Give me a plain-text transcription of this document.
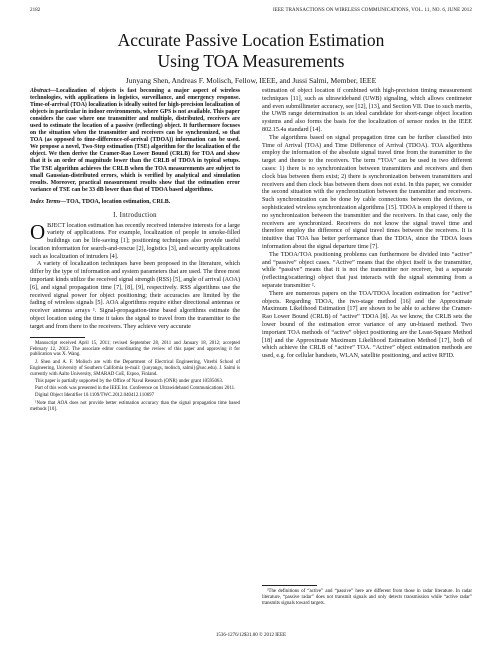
2182	IEEE TRANSACTIONS ON WIRELESS COMMUNICATIONS, VOL. 11, NO. 6, JUNE 2012
Accurate Passive Location Estimation
Using TOA Measurements
Junyang Shen, Andreas F. Molisch, Fellow, IEEE, and Jussi Salmi, Member, IEEE

Abstract—Localization of objects is fast becoming a major aspect of wireless technologies, with applications in logistics, surveillance, and emergency response. Time-of-arrival (TOA) localization is ideally suited for high-precision localization of objects in particular in indoor environments, where GPS is not available. This paper considers the case where one transmitter and multiple, distributed, receivers are used to estimate the location of a passive (reflecting) object. It furthermore focuses on the situation when the transmitter and receivers can be synchronized, so that TOA (as opposed to time-difference-of-arrival (TDOA)) information can be used. We propose a novel, Two-Step estimation (TSE) algorithm for the localization of the object. We then derive the Cramer-Rao Lower Bound (CRLB) for TOA and show that it is an order of magnitude lower than the CRLB of TDOA in typical setups. The TSE algorithm achieves the CRLB when the TOA measurements are subject to small Gaussian-distributed errors, which is verified by analytical and simulation results. Moreover, practical measurement results show that the estimation error variance of TSE can be 33 dB lower than that of TDOA based algorithms.

Index Terms—TOA, TDOA, location estimation, CRLB.

I. Introduction

OBJECT location estimation has recently received intensive interests for a large variety of applications. For example, localization of people in smoke-filled buildings can be life-saving [1]; positioning techniques also provide useful location information for search-and-rescue [2], logistics [3], and security applications such as localization of intruders [4].

A variety of localization techniques have been proposed in the literature, which differ by the type of information and system parameters that are used. The three most important kinds utilize the received signal strength (RSS) [5], angle of arrival (AOA) [6], and signal propagation time [7], [8], [9], respectively. RSS algorithms use the received signal power for object positioning; their accuracies are limited by the fading of wireless signals [5]. AOA algorithms require either directional antennas or receiver antenna arrays ¹. Signal-propagation-time based algorithms estimate the object location using the time it takes the signal to travel from the transmitter to the target and from there to the receivers. They achieve very accurate

Manuscript received April 15, 2011; revised September 28, 2011 and January 18, 2012; accepted February 12, 2012. The associate editor coordinating the review of this paper and approving it for publication was X. Wang.

J. Shen and A. F. Molisch are with the Department of Electrical Engineering, Viterbi School of Engineering, University of Southern California (e-mail: {junyangs, molisch, salmi}@usc.edu). J. Salmi is currently with Aalto University, SMARAD CoE, Espoo, Finland.

This paper is partially supported by the Office of Naval Research (ONR) under grant 10595063.

Part of this work was presented in the IEEE Int. Conference on Ultrawideband Communications 2011.

Digital Object Identifier 10.1109/TWC.2012.040412.110697

¹Note that AOA does not provide better estimation accuracy than the signal propagation time based methods [10].

estimation of object location if combined with high-precision timing measurement techniques [11], such as ultrawideband (UWB) signaling, which allows centimeter and even submillimeter accuracy, see [12], [13], and Section VII. Due to such merits, the UWB range determination is an ideal candidate for short-range object location systems and also forms the basis for the localization of sensor nodes in the IEEE 802.15.4a standard [14].

The algorithms based on signal propagation time can be further classified into Time of Arrival (TOA) and Time Difference of Arrival (TDOA). TOA algorithms employ the information of the absolute signal travel time from the transmitter to the target and thence to the receivers. The term “TOA” can be used in two different cases: 1) there is no synchronization between transmitters and receivers and then clock bias between them exist; 2) there is synchronization between transmitters and receivers and then clock bias between them does not exist. In this paper, we consider the second situation with the synchronization between the transmitter and receivers. Such synchronization can be done by cable connections between the devices, or sophisticated wireless synchronization algorithms [15]. TDOA is employed if there is no synchronization between the transmitter and the receivers. In that case, only the receivers are synchronized. Receivers do not know the signal travel time and therefore employ the difference of signal travel times between the receivers. It is intuitive that TOA has better performance than the TDOA, since the TDOA loses information about the signal departure time [7].

The TDOA/TOA positioning problems can furthermore be divided into “active” and “passive” object cases. “Active” means that the object itself is the transmitter, while “passive” means that it is not the transmitter nor receiver, but a separate (reflecting/scattering) object that just interacts with the signal stemming from a separate transmitter ².

There are numerous papers on the TOA/TDOA location estimation for “active” objects. Regarding TDOA, the two-stage method [16] and the Approximate Maximum Likelihood Estimation [17] are shown to be able to achieve the Cramer-Rao Lower Bound (CRLB) of “active” TDOA [8]. As we know, the CRLB sets the lower bound of the estimation error variance of any un-biased method. Two important TOA methods of “active” object positioning are the Least-Square Method [18] and the Approximate Maximum Likelihood Estimation Method [17], both of which achieve the CRLB of “active” TOA. “Active” object estimation methods are used, e.g. for cellular handsets, WLAN, satellite positioning, and active RFID.

²The definitions of “active” and “passive” here are different from those in radar literature. In radar literature, “passive radar” does not transmit signals and only detects transmission while “active radar” transmits signals toward targets.

1536-1276/12$31.00 © 2012 IEEE
